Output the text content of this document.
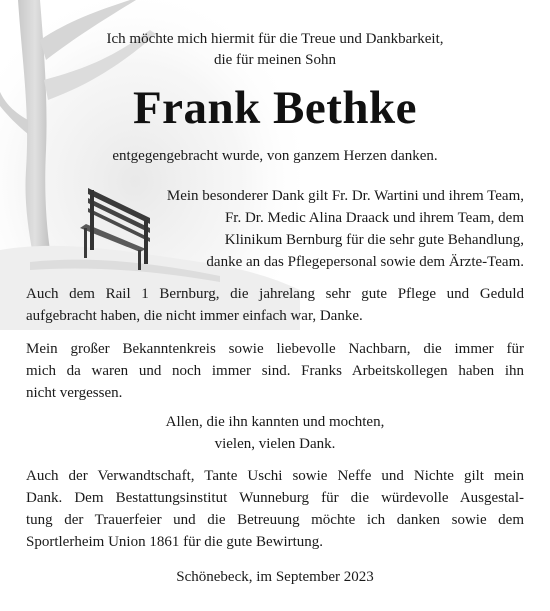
Ich möchte mich hiermit für die Treue und Dankbarkeit,
die für meinen Sohn
Frank Bethke
entgegengebracht wurde, von ganzem Herzen danken.
Mein besonderer Dank gilt Fr. Dr. Wartini und ihrem Team,
Fr. Dr. Medic Alina Draack und ihrem Team, dem
Klinikum Bernburg für die sehr gute Behandlung,
danke an das Pflegepersonal sowie dem Ärzte-Team.
Auch dem Rail 1 Bernburg, die jahrelang sehr gute Pflege und Geduld
aufgebracht haben, die nicht immer einfach war, Danke.
Mein großer Bekanntenkreis sowie liebevolle Nachbarn, die immer für
mich da waren und noch immer sind. Franks Arbeitskollegen haben ihn
nicht vergessen.
Allen, die ihn kannten und mochten,
vielen, vielen Dank.
Auch der Verwandtschaft, Tante Uschi sowie Neffe und Nichte gilt mein
Dank. Dem Bestattungsinstitut Wunneburg für die würdevolle Ausgestal-
tung der Trauerfeier und die Betreuung möchte ich danken sowie dem
Sportlerheim Union 1861 für die gute Bewirtung.
Schönebeck, im September 2023
